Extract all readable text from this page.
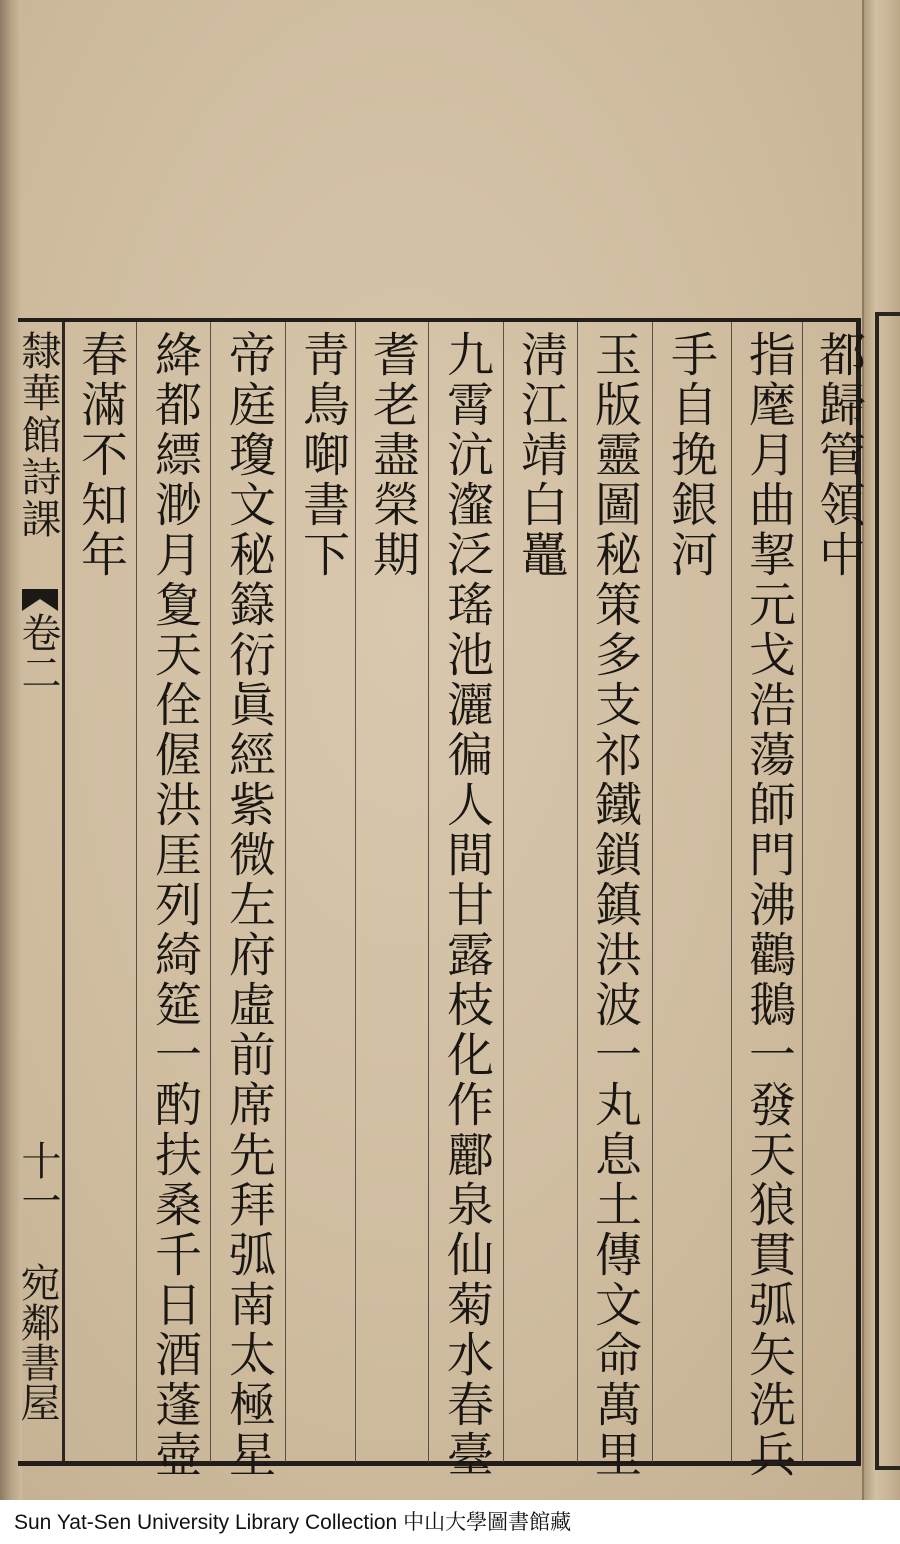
都歸管領中
指麾月曲挈元戈浩蕩師門沸鸛鵝一發天狼貫弧矢洗兵
手自挽銀河
玉版靈圖秘策多支祁鐵鎖鎮洪波一丸息土傳文命萬里
淸江靖白鼉
九霄沆瀣泛瑤池灑徧人間甘露枝化作酈泉仙菊水春臺
耆老盡榮期
靑鳥啣書下
帝庭瓊文秘籙衍眞經紫微左府虛前席先拜弧南太極星
絳都縹渺月夐天佺偓洪厓列綺筵一酌扶桑千日酒蓬壺
春滿不知年
隸華館詩課
卷二
十一
宛鄰書屋
Sun Yat-Sen University Library Collection 中山大學圖書館藏
